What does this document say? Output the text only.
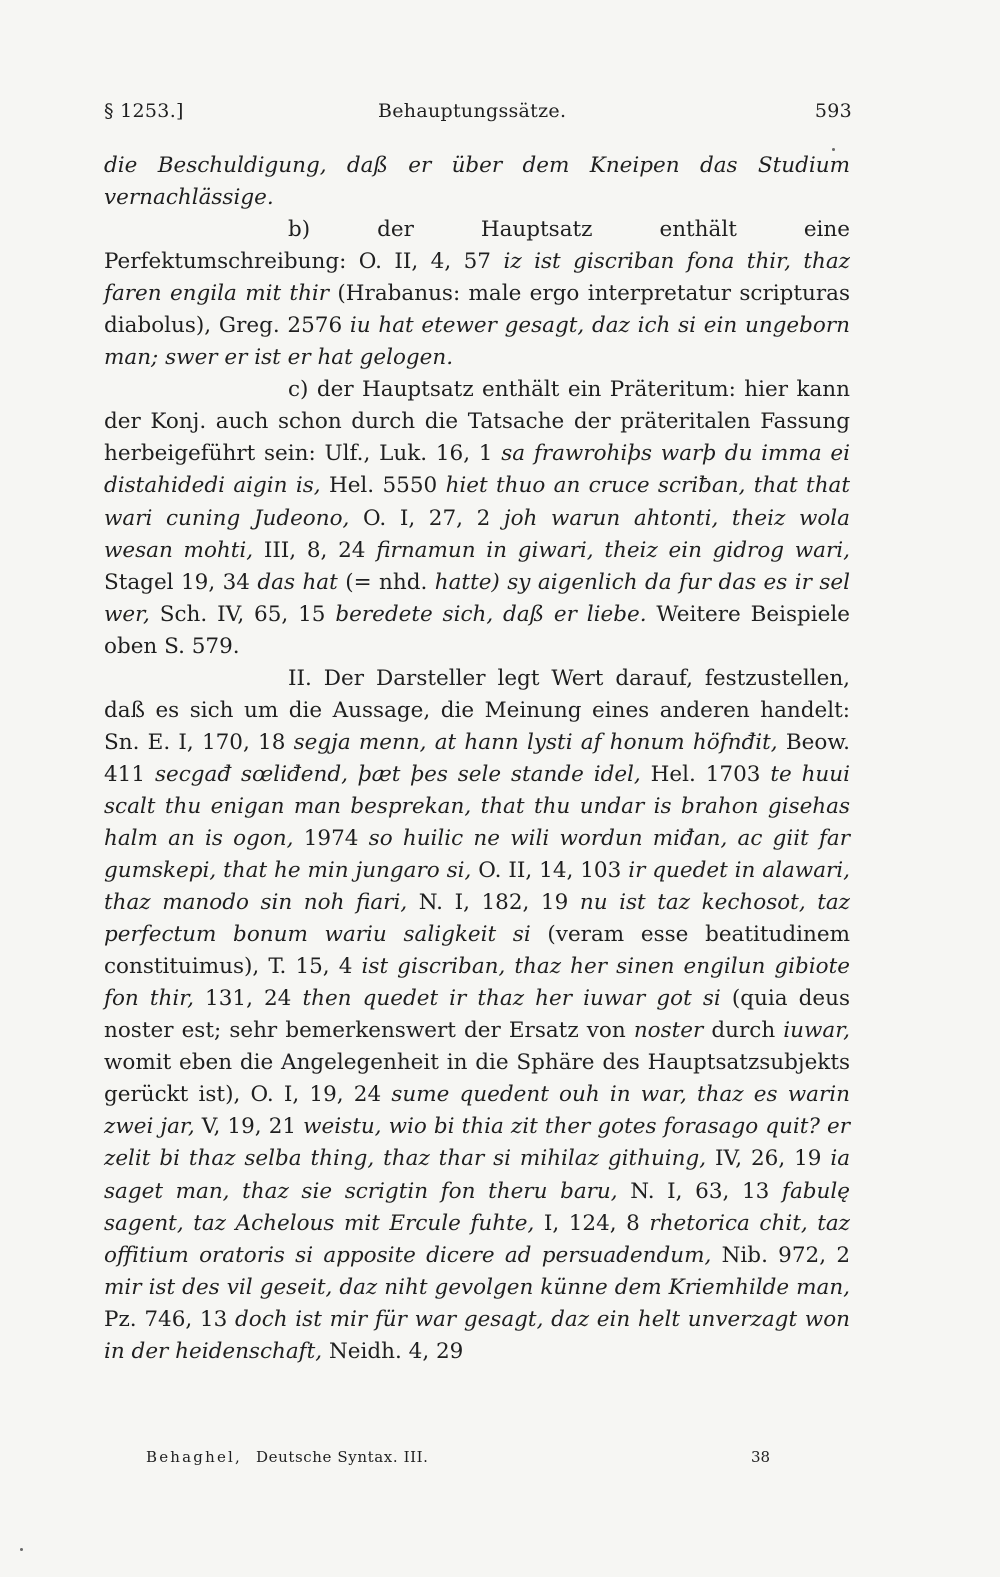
§ 1253.]	Behauptungssätze.	593

die Beschuldigung, daß er über dem Kneipen das Studium vernachlässige.

b) der Hauptsatz enthält eine Perfektumschreibung: O. II, 4, 57 iz ist giscriban fona thir, thaz faren engila mit thir (Hrabanus: male ergo interpretatur scripturas diabolus), Greg. 2576 iu hat etewer gesagt, daz ich si ein ungeborn man; swer er ist er hat gelogen.

c) der Hauptsatz enthält ein Präteritum: hier kann der Konj. auch schon durch die Tatsache der präteritalen Fassung herbeigeführt sein: Ulf., Luk. 16, 1 sa frawrohiþs warþ du imma ei distahidedi aigin is, Hel. 5550 hiet thuo an cruce scriƀan, that that wari cuning Judeono, O. I, 27, 2 joh warun ahtonti, theiz wola wesan mohti, III, 8, 24 firnamun in giwari, theiz ein gidrog wari, Stagel 19, 34 das hat (= nhd. hatte) sy aigenlich da fur das es ir sel wer, Sch. IV, 65, 15 beredete sich, daß er liebe. Weitere Beispiele oben S. 579.

II. Der Darsteller legt Wert darauf, festzustellen, daß es sich um die Aussage, die Meinung eines anderen handelt: Sn. E. I, 170, 18 segja menn, at hann lysti af honum höfnđit, Beow. 411 secgađ sœliđend, þæt þes sele stande idel, Hel. 1703 te huui scalt thu enigan man besprekan, that thu undar is brahon gisehas halm an is ogon, 1974 so huilic ne wili wordun miđan, ac giit far gumskepi, that he min jungaro si, O. II, 14, 103 ir quedet in alawari, thaz manodo sin noh fiari, N. I, 182, 19 nu ist taz kechosot, taz perfectum bonum wariu saligkeit si (veram esse beatitudinem constituimus), T. 15, 4 ist giscriban, thaz her sinen engilun gibiote fon thir, 131, 24 then quedet ir thaz her iuwar got si (quia deus noster est; sehr bemerkenswert der Ersatz von noster durch iuwar, womit eben die Angelegenheit in die Sphäre des Hauptsatzsubjekts gerückt ist), O. I, 19, 24 sume quedent ouh in war, thaz es warin zwei jar, V, 19, 21 weistu, wio bi thia zit ther gotes forasago quit? er zelit bi thaz selba thing, thaz thar si mihilaz githuing, IV, 26, 19 ia saget man, thaz sie scrigtin fon theru baru, N. I, 63, 13 fabulę sagent, taz Achelous mit Ercule fuhte, I, 124, 8 rhetorica chit, taz offitium oratoris si apposite dicere ad persuadendum, Nib. 972, 2 mir ist des vil geseit, daz niht gevolgen künne dem Kriemhilde man, Pz. 746, 13 doch ist mir für war gesagt, daz ein helt unverzagt won in der heidenschaft, Neidh. 4, 29

Behaghel, Deutsche Syntax. III.	38
